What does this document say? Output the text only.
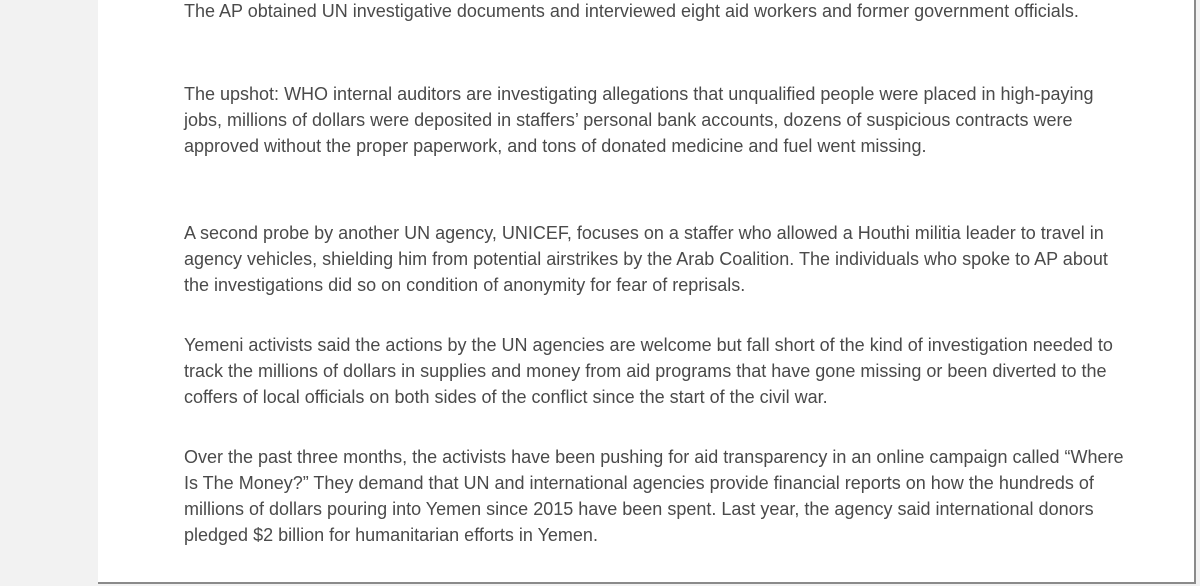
The AP obtained UN investigative documents and interviewed eight aid workers and former government officials.

The upshot: WHO internal auditors are investigating allegations that unqualified people were placed in high-paying jobs, millions of dollars were deposited in staffers’ personal bank accounts, dozens of suspicious contracts were approved without the proper paperwork, and tons of donated medicine and fuel went missing.

A second probe by another UN agency, UNICEF, focuses on a staffer who allowed a Houthi militia leader to travel in agency vehicles, shielding him from potential airstrikes by the Arab Coalition. The individuals who spoke to AP about the investigations did so on condition of anonymity for fear of reprisals.

Yemeni activists said the actions by the UN agencies are welcome but fall short of the kind of investigation needed to track the millions of dollars in supplies and money from aid programs that have gone missing or been diverted to the coffers of local officials on both sides of the conflict since the start of the civil war.

Over the past three months, the activists have been pushing for aid transparency in an online campaign called “Where Is The Money?” They demand that UN and international agencies provide financial reports on how the hundreds of millions of dollars pouring into Yemen since 2015 have been spent. Last year, the agency said international donors pledged $2 billion for humanitarian efforts in Yemen.
